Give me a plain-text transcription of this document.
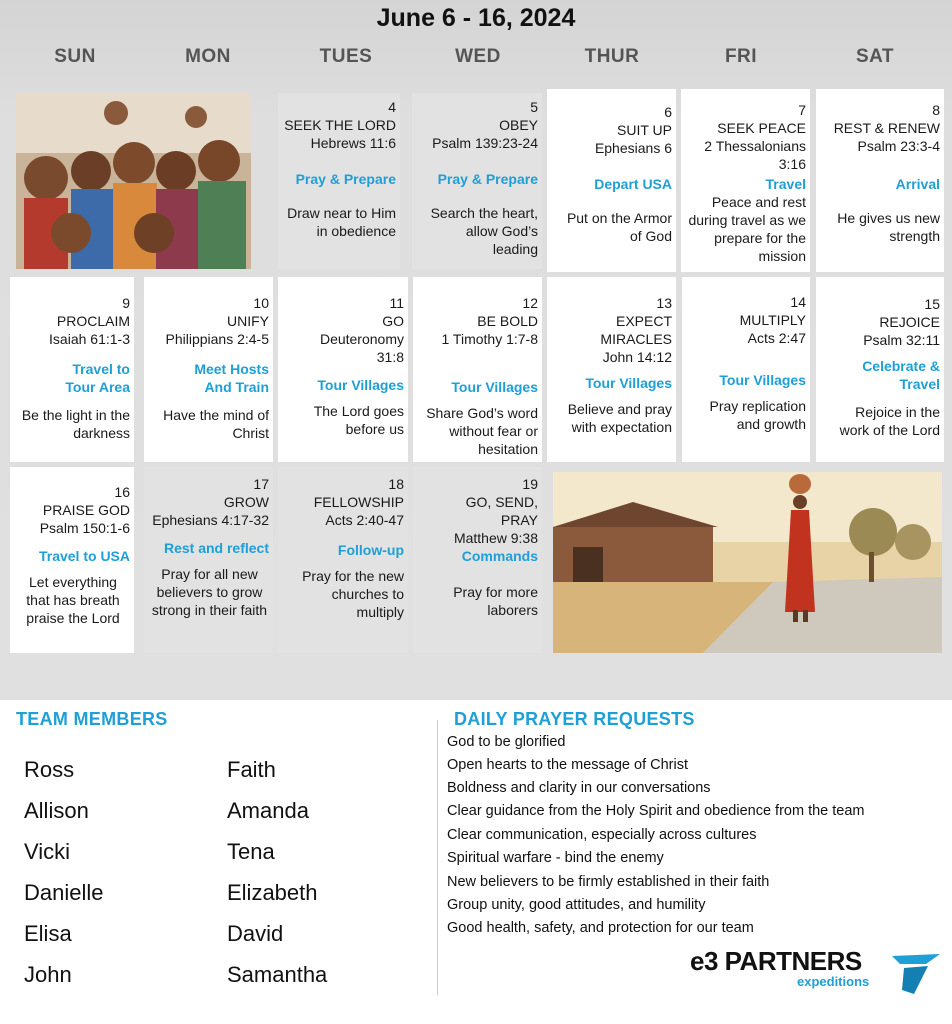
June 6 - 16, 2024
SUN	MON	TUES	WED	THUR	FRI	SAT
4
SEEK THE LORD
Hebrews 11:6
Pray & Prepare
Draw near to Him in obedience
5
OBEY
Psalm 139:23-24
Pray & Prepare
Search the heart, allow God’s leading
6
SUIT UP
Ephesians 6
Depart USA
Put on the Armor of God
7
SEEK PEACE
2 Thessalonians 3:16
Travel
Peace and rest during travel as we prepare for the mission
8
REST & RENEW
Psalm 23:3-4
Arrival
He gives us new strength
9
PROCLAIM
Isaiah 61:1-3
Travel to Tour Area
Be the light in the darkness
10
UNIFY
Philippians 2:4-5
Meet Hosts And Train
Have the mind of Christ
11
GO
Deuteronomy 31:8
Tour Villages
The Lord goes before us
12
BE BOLD
1 Timothy 1:7-8
Tour Villages
Share God’s word without fear or hesitation
13
EXPECT MIRACLES
John 14:12
Tour Villages
Believe and pray with expectation
14
MULTIPLY
Acts 2:47
Tour Villages
Pray replication and growth
15
REJOICE
Psalm 32:11
Celebrate & Travel
Rejoice in the work of the Lord
16
PRAISE GOD
Psalm 150:1-6
Travel to USA
Let everything that has breath praise the Lord
17
GROW
Ephesians 4:17-32
Rest and reflect
Pray for all new believers to grow strong in their faith
18
FELLOWSHIP
Acts 2:40-47
Follow-up
Pray for the new churches to multiply
19
GO, SEND, PRAY
Matthew 9:38
Commands
Pray for more laborers
TEAM MEMBERS
Ross
Allison
Vicki
Danielle
Elisa
John
Faith
Amanda
Tena
Elizabeth
David
Samantha
DAILY PRAYER REQUESTS
God to be glorified
Open hearts to the message of Christ
Boldness and clarity in our conversations
Clear guidance from the Holy Spirit and obedience from the team
Clear communication, especially across cultures
Spiritual warfare - bind the enemy
New believers to be firmly established in their faith
Group unity, good attitudes, and humility
Good health, safety, and protection for our team
e3 PARTNERS
expeditions
